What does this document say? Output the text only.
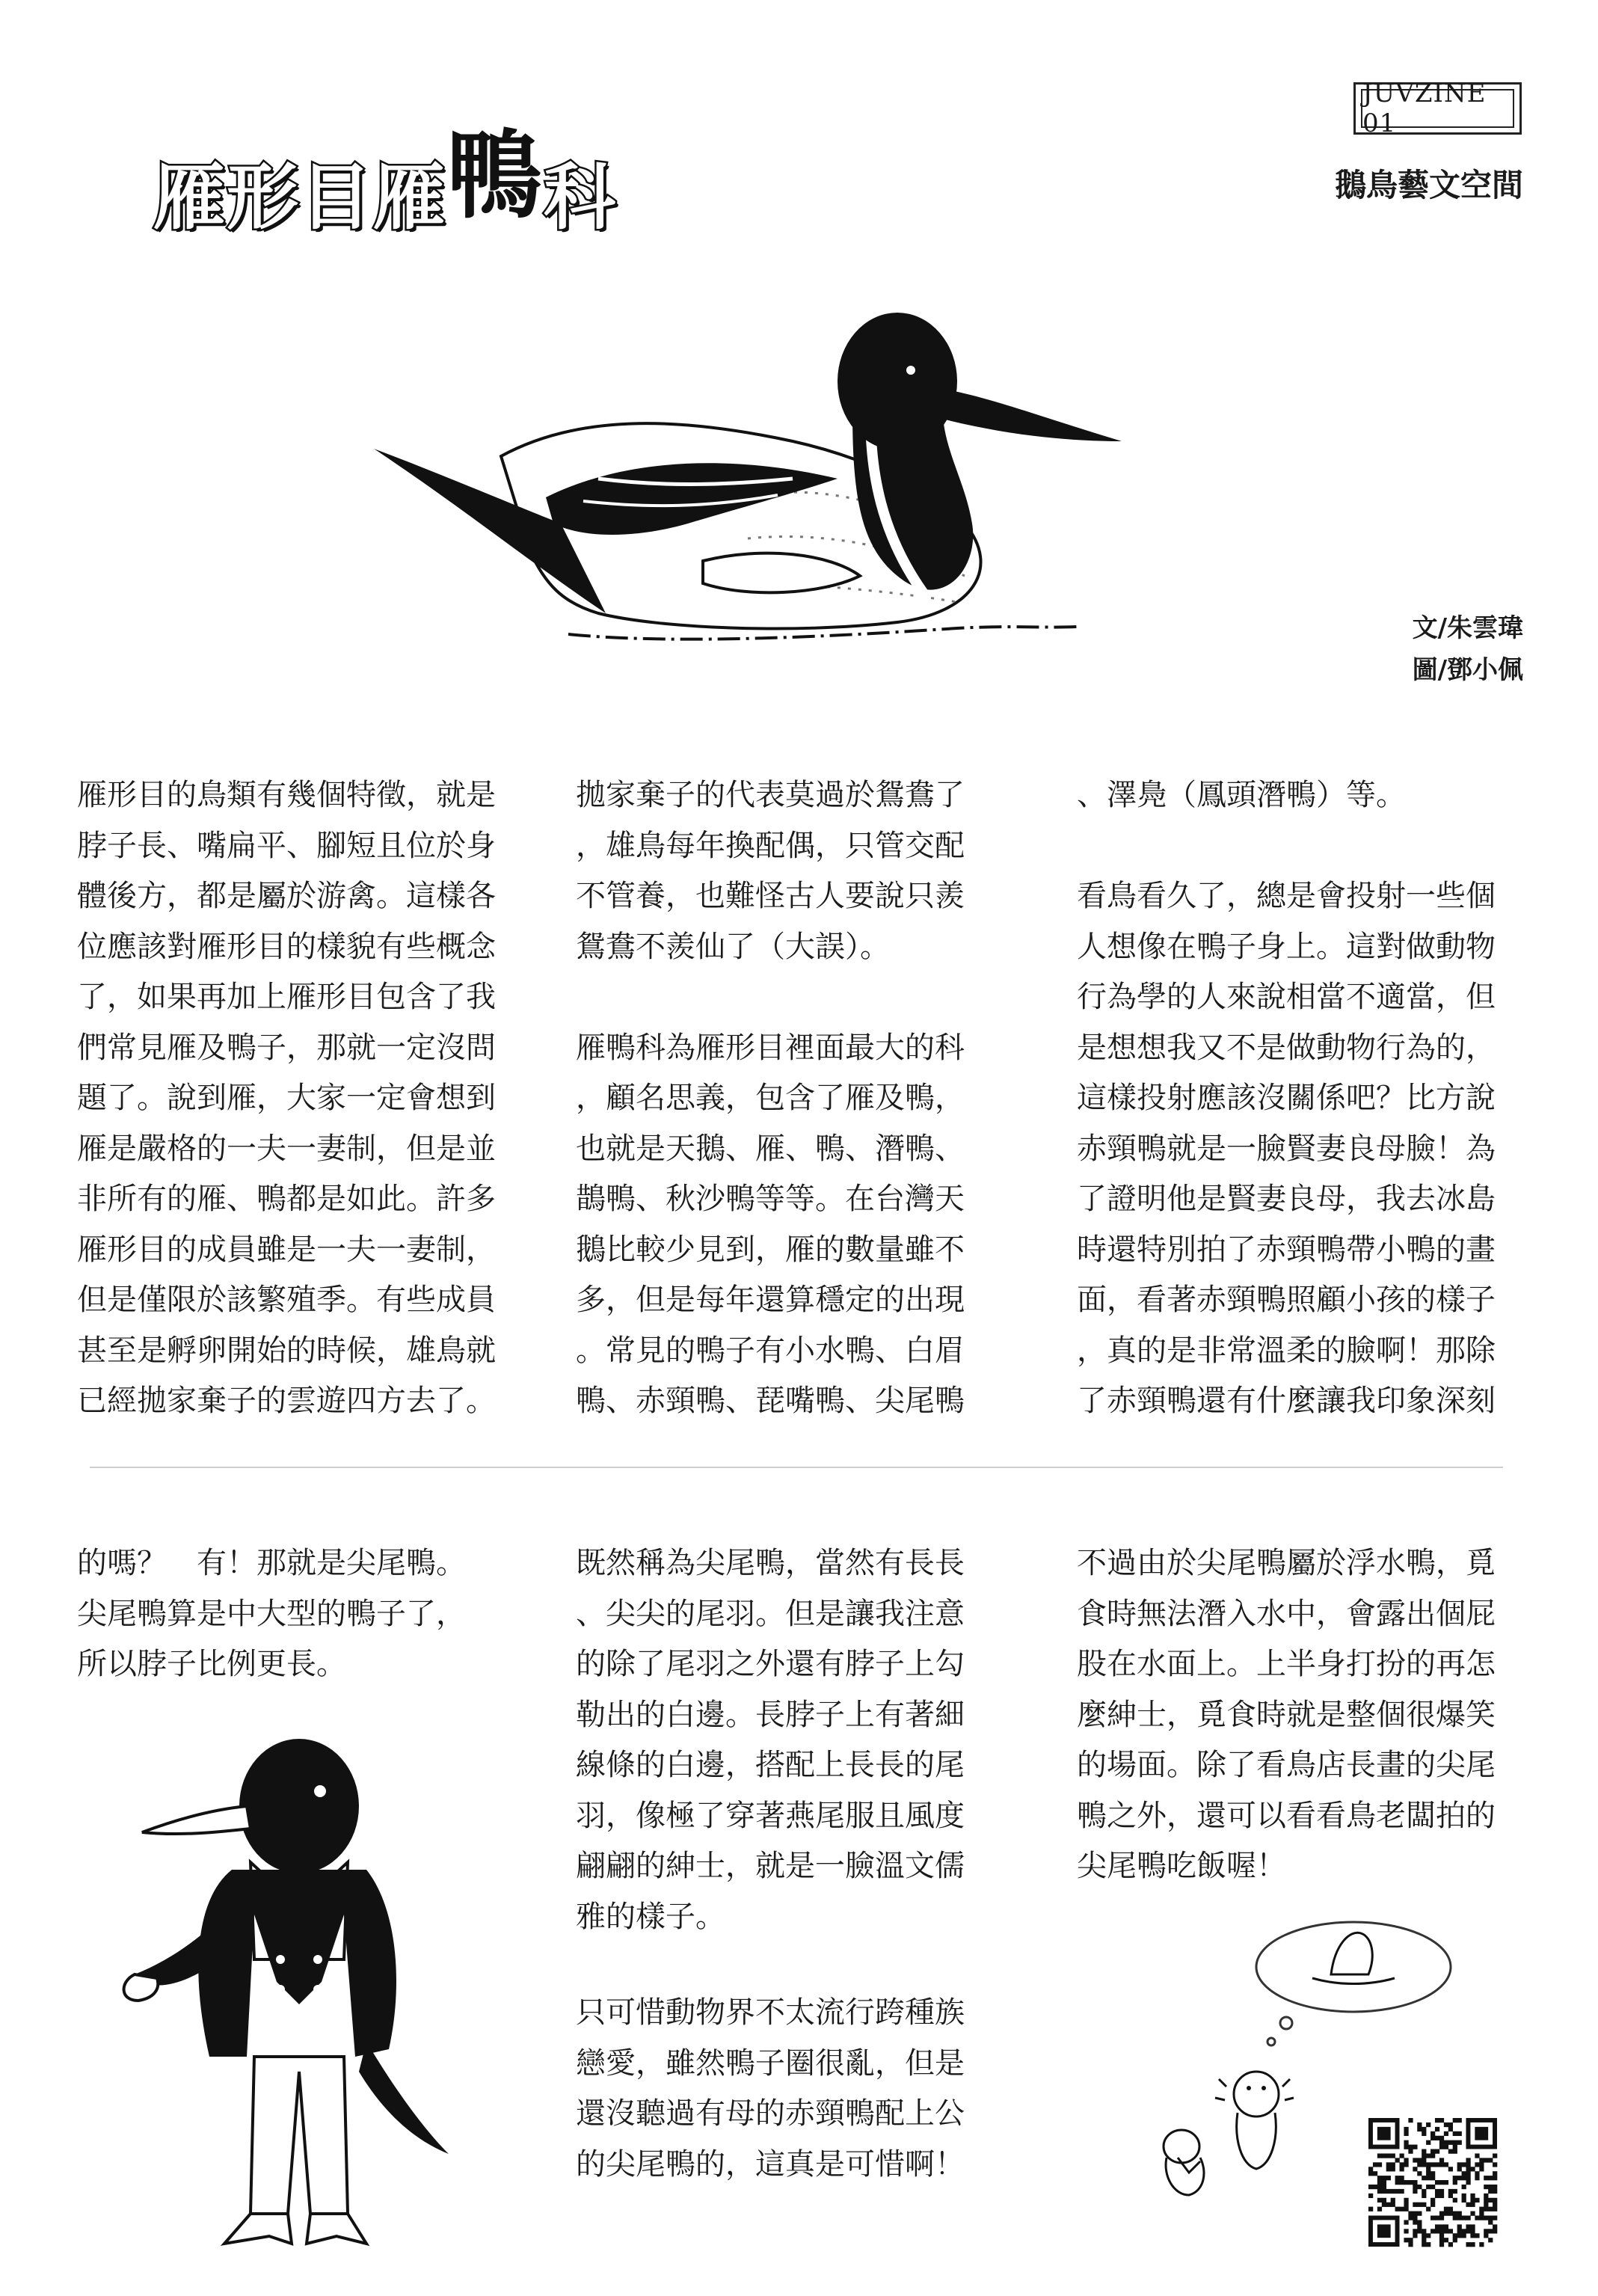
雁形目雁鴨科
JUVZINE 01
鵝鳥藝文空間
文/朱雲瑋
圖/鄧小佩
雁形目的鳥類有幾個特徵，就是
脖子長、嘴扁平、腳短且位於身
體後方，都是屬於游禽。這樣各
位應該對雁形目的樣貌有些概念
了，如果再加上雁形目包含了我
們常見雁及鴨子，那就一定沒問
題了。說到雁，大家一定會想到
雁是嚴格的一夫一妻制，但是並
非所有的雁、鴨都是如此。許多
雁形目的成員雖是一夫一妻制，
但是僅限於該繁殖季。有些成員
甚至是孵卵開始的時候，雄鳥就
已經拋家棄子的雲遊四方去了。
拋家棄子的代表莫過於鴛鴦了
，雄鳥每年換配偶，只管交配
不管養，也難怪古人要說只羨
鴛鴦不羨仙了（大誤）。

雁鴨科為雁形目裡面最大的科
，顧名思義，包含了雁及鴨，
也就是天鵝、雁、鴨、潛鴨、
鵲鴨、秋沙鴨等等。在台灣天
鵝比較少見到，雁的數量雖不
多，但是每年還算穩定的出現
。常見的鴨子有小水鴨、白眉
鴨、赤頸鴨、琵嘴鴨、尖尾鴨
、澤鳧（鳳頭潛鴨）等。

看鳥看久了，總是會投射一些個
人想像在鴨子身上。這對做動物
行為學的人來說相當不適當，但
是想想我又不是做動物行為的，
這樣投射應該沒關係吧？比方說
赤頸鴨就是一臉賢妻良母臉！為
了證明他是賢妻良母，我去冰島
時還特別拍了赤頸鴨帶小鴨的畫
面，看著赤頸鴨照顧小孩的樣子
，真的是非常溫柔的臉啊！那除
了赤頸鴨還有什麼讓我印象深刻
的嗎？　有！那就是尖尾鴨。
尖尾鴨算是中大型的鴨子了，
所以脖子比例更長。
既然稱為尖尾鴨，當然有長長
、尖尖的尾羽。但是讓我注意
的除了尾羽之外還有脖子上勾
勒出的白邊。長脖子上有著細
線條的白邊，搭配上長長的尾
羽，像極了穿著燕尾服且風度
翩翩的紳士，就是一臉溫文儒
雅的樣子。
只可惜動物界不太流行跨種族
戀愛，雖然鴨子圈很亂，但是
還沒聽過有母的赤頸鴨配上公
的尖尾鴨的，這真是可惜啊！
不過由於尖尾鴨屬於浮水鴨，覓
食時無法潛入水中，會露出個屁
股在水面上。上半身打扮的再怎
麼紳士，覓食時就是整個很爆笑
的場面。除了看鳥店長畫的尖尾
鴨之外，還可以看看鳥老闆拍的
尖尾鴨吃飯喔！
